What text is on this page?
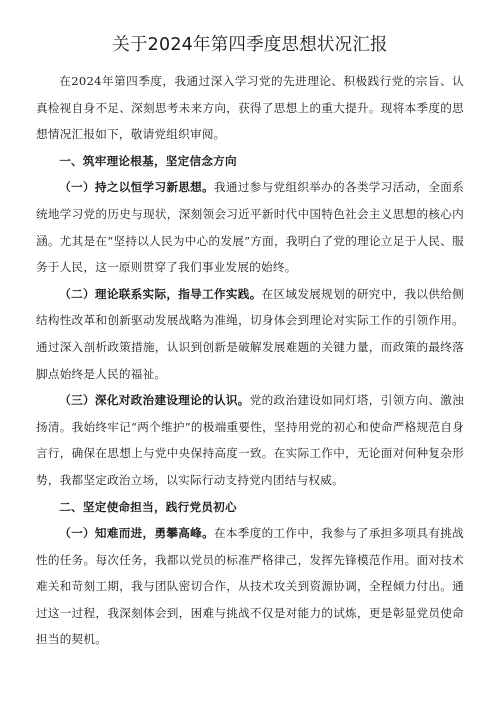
关于2024年第四季度思想状况汇报

在2024年第四季度，我通过深入学习党的先进理论、积极践行党的宗旨、认真检视自身不足、深刻思考未来方向，获得了思想上的重大提升。现将本季度的思想情况汇报如下，敬请党组织审阅。

一、筑牢理论根基，坚定信念方向

（一）持之以恒学习新思想。我通过参与党组织举办的各类学习活动，全面系统地学习党的历史与现状，深刻领会习近平新时代中国特色社会主义思想的核心内涵。尤其是在“坚持以人民为中心的发展”方面，我明白了党的理论立足于人民、服务于人民，这一原则贯穿了我们事业发展的始终。

（二）理论联系实际，指导工作实践。在区域发展规划的研究中，我以供给侧结构性改革和创新驱动发展战略为准绳，切身体会到理论对实际工作的引领作用。通过深入剖析政策措施，认识到创新是破解发展难题的关键力量，而政策的最终落脚点始终是人民的福祉。

（三）深化对政治建设理论的认识。党的政治建设如同灯塔，引领方向、激浊扬清。我始终牢记“两个维护”的极端重要性，坚持用党的初心和使命严格规范自身言行，确保在思想上与党中央保持高度一致。在实际工作中，无论面对何种复杂形势，我都坚定政治立场，以实际行动支持党内团结与权威。

二、坚定使命担当，践行党员初心

（一）知难而进，勇攀高峰。在本季度的工作中，我参与了承担多项具有挑战性的任务。每次任务，我都以党员的标准严格律己，发挥先锋模范作用。面对技术难关和苛刻工期，我与团队密切合作，从技术攻关到资源协调，全程倾力付出。通过这一过程，我深刻体会到，困难与挑战不仅是对能力的试炼，更是彰显党员使命担当的契机。
